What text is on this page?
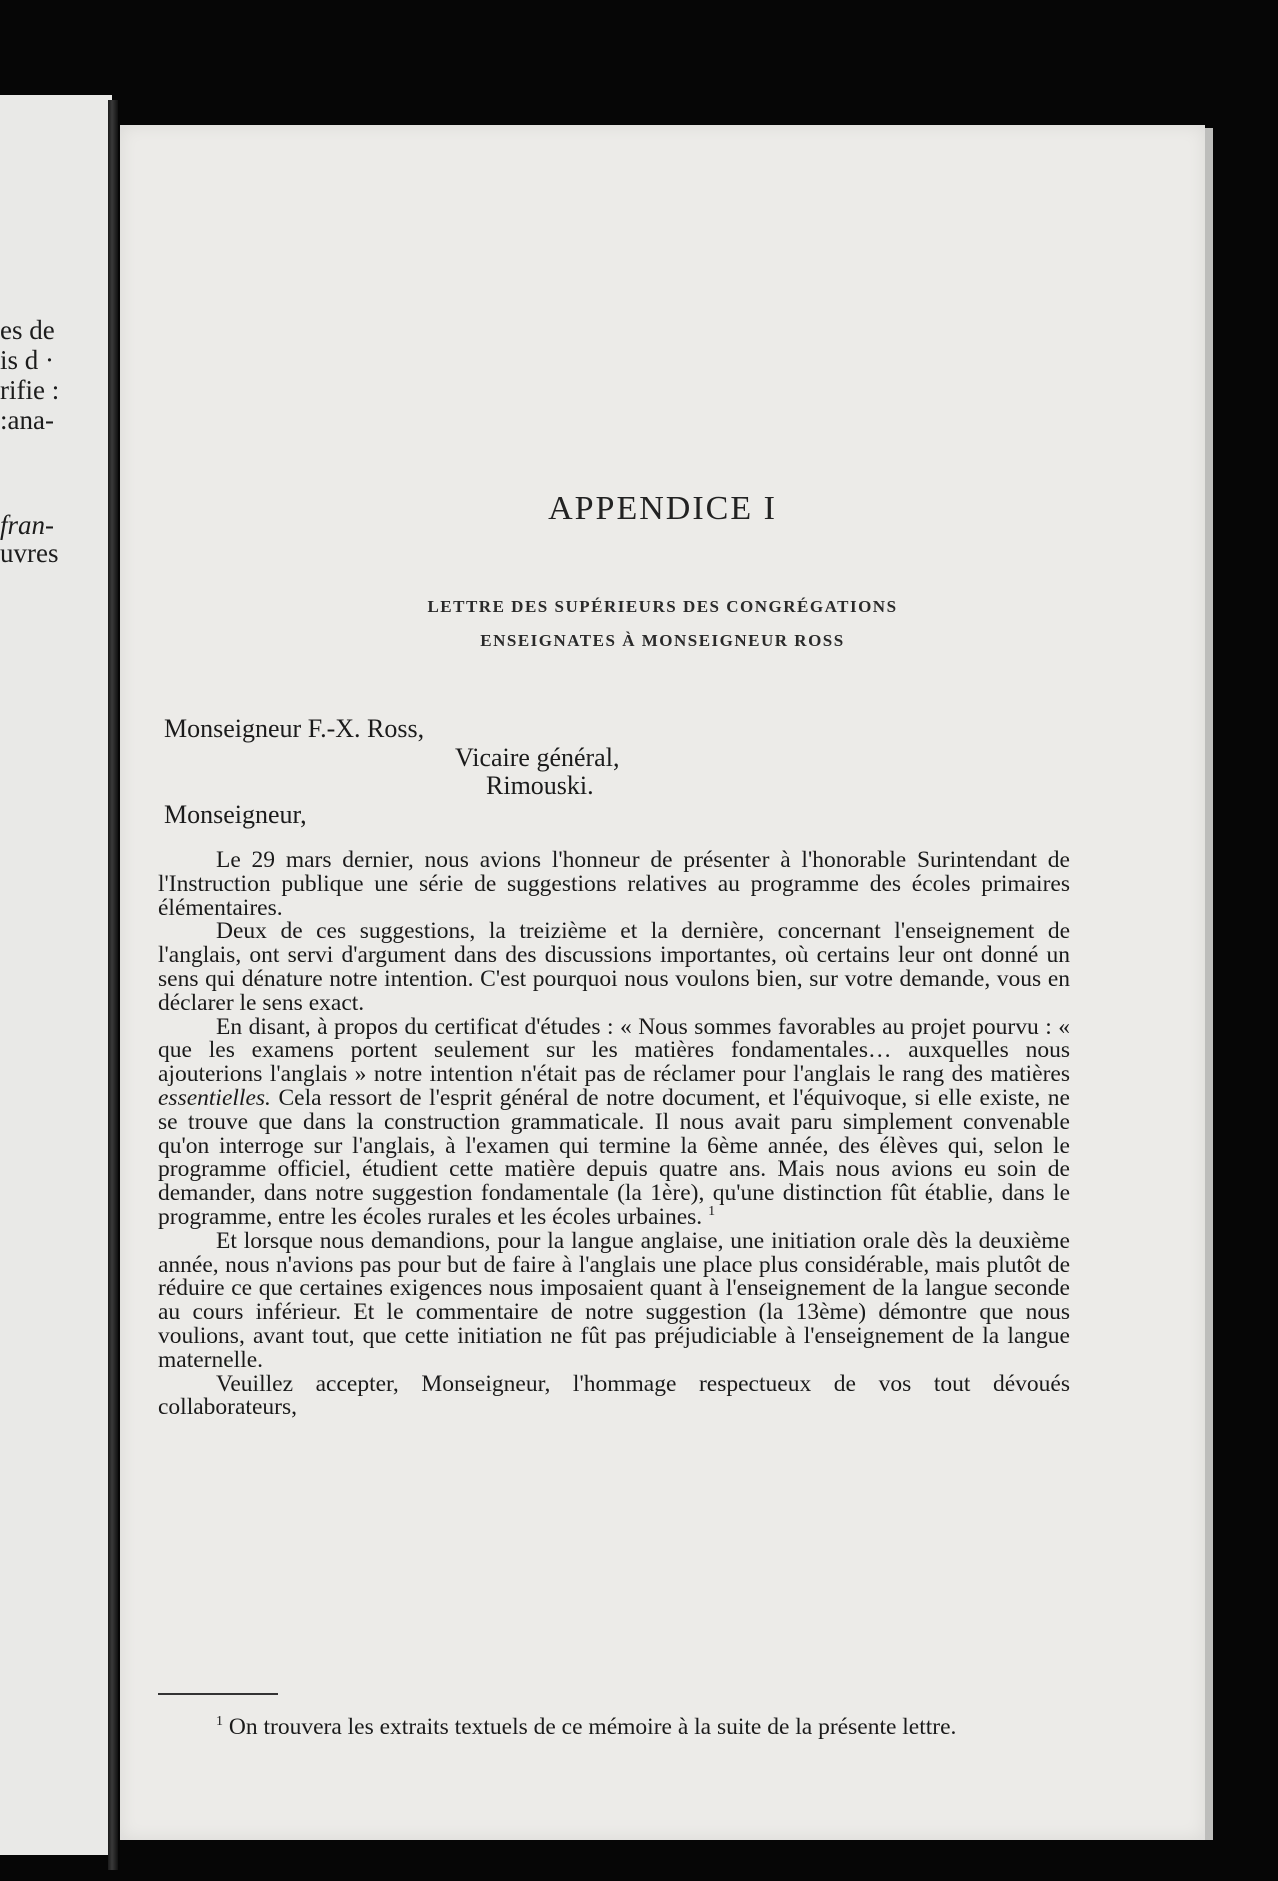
es de

is d ·

rifie :

:ana-

fran-

uvres

APPENDICE I

LETTRE DES SUPÉRIEURS DES CONGRÉGATIONS

ENSEIGNATES À MONSEIGNEUR ROSS

Monseigneur F.-X. Ross,

Vicaire général,

Rimouski.

Monseigneur,

Le 29 mars dernier, nous avions l'honneur de présenter à l'honorable Surintendant de l'Instruction publique une série de suggestions relatives au programme des écoles primaires élémentaires.

Deux de ces suggestions, la treizième et la dernière, concernant l'enseignement de l'anglais, ont servi d'argument dans des discussions importantes, où certains leur ont donné un sens qui dénature notre intention. C'est pourquoi nous voulons bien, sur votre demande, vous en déclarer le sens exact.

En disant, à propos du certificat d'études : « Nous sommes favorables au projet pourvu : « que les examens portent seulement sur les matières fondamentales… auxquelles nous ajouterions l'anglais » notre intention n'était pas de réclamer pour l'anglais le rang des matières essentielles. Cela ressort de l'esprit général de notre document, et l'équivoque, si elle existe, ne se trouve que dans la construction grammaticale. Il nous avait paru simplement convenable qu'on interroge sur l'anglais, à l'examen qui termine la 6ème année, des élèves qui, selon le programme officiel, étudient cette matière depuis quatre ans. Mais nous avions eu soin de demander, dans notre suggestion fondamentale (la 1ère), qu'une distinction fût établie, dans le programme, entre les écoles rurales et les écoles urbaines. $^1$

Et lorsque nous demandions, pour la langue anglaise, une initiation orale dès la deuxième année, nous n'avions pas pour but de faire à l'anglais une place plus considérable, mais plutôt de réduire ce que certaines exigences nous imposaient quant à l'enseignement de la langue seconde au cours inférieur. Et le commentaire de notre suggestion (la 13ème) démontre que nous voulions, avant tout, que cette initiation ne fût pas préjudiciable à l'enseignement de la langue maternelle.

Veuillez accepter, Monseigneur, l'hommage respectueux de vos tout dévoués collaborateurs,

$^1$ On trouvera les extraits textuels de ce mémoire à la suite de la présente lettre.
